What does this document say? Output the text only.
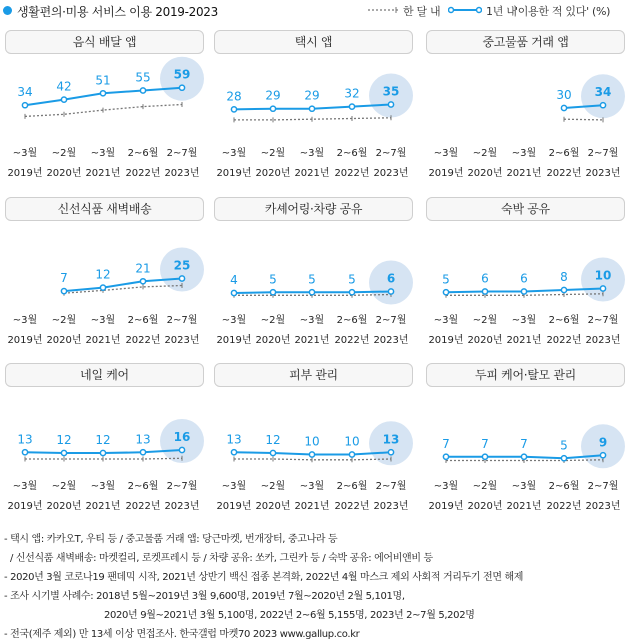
생활편의·미용 서비스 이용 2019-2023	한 달 내	1년 내
'이용한 적 있다' (%)
음식 배달 앱
34 42 51 55 59
~3월
2019년
~2월
2020년
~3월
2021년
2~6월
2022년
2~7월
2023년
택시 앱
28 29 29 32 35
~3월
2019년
~2월
2020년
~3월
2021년
2~6월
2022년
2~7월
2023년
중고물품 거래 앱
30 34
~3월
2019년
~2월
2020년
~3월
2021년
2~6월
2022년
2~7월
2023년
신선식품 새벽배송
7 12 21 25
~3월
2019년
~2월
2020년
~3월
2021년
2~6월
2022년
2~7월
2023년
카셰어링·차량 공유
4	5	5	5	6
~3월
2019년
~2월
2020년
~3월
2021년
2~6월
2022년
2~7월
2023년
숙박 공유
5	6	6	8 10
~3월
2019년
~2월
2020년
~3월
2021년
2~6월
2022년
2~7월
2023년
네일 케어
13 12 12 13 16
~3월
2019년
~2월
2020년
~3월
2021년
2~6월
2022년
2~7월
2023년
피부 관리
13 12 10 10 13
~3월
2019년
~2월
2020년
~3월
2021년
2~6월
2022년
2~7월
2023년
두피 케어·탈모 관리
7	7	7	5	9
~3월
2019년
~2월
2020년
~3월
2021년
2~6월
2022년
2~7월
2023년
- 택시 앱: 카카오T, 우티 등 / 중고물품 거래 앱: 당근마켓, 번개장터, 중고나라 등
/ 신선식품 새벽배송: 마켓컬리, 로켓프레시 등 / 차량 공유: 쏘카, 그린카 등 / 숙박 공유: 에어비앤비 등
- 2020년 3월 코로나19 팬데믹 시작, 2021년 상반기 백신 접종 본격화, 2022년 4월 마스크 제외 사회적 거리두기 전면 해제
- 조사 시기별 사례수: 2018년 5월~2019년 3월 9,600명, 2019년 7월~2020년 2월 5,101명,
2020년 9월~2021년 3월 5,100명, 2022년 2~6월 5,155명, 2023년 2~7월 5,202명
- 전국(제주 제외) 만 13세 이상 면접조사. 한국갤럽 마켓70 2023 www.gallup.co.kr
